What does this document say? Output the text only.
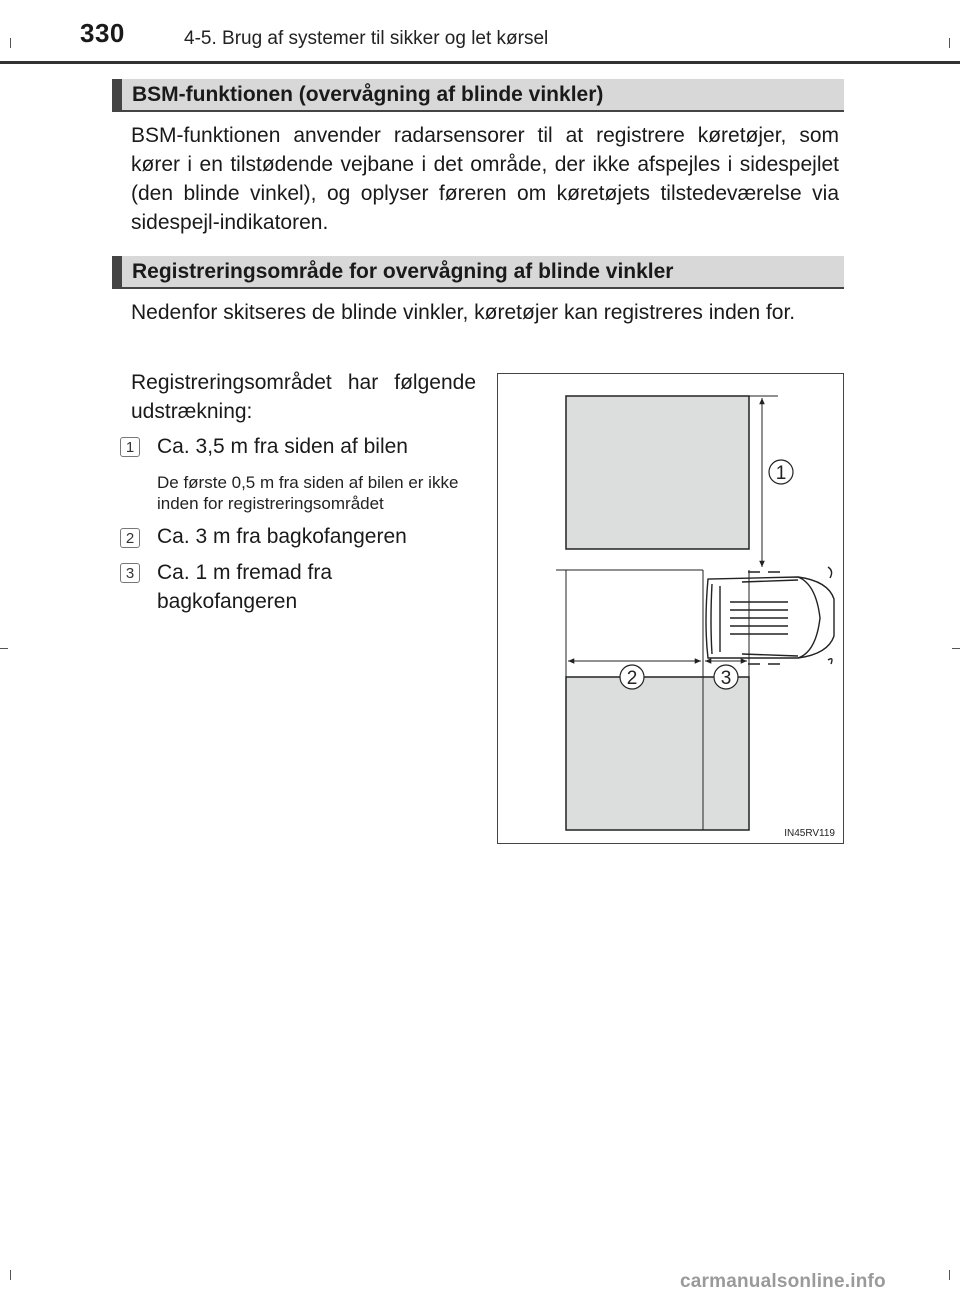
330	4-5. Brug af systemer til sikker og let kørsel
BSM-funktionen (overvågning af blinde vinkler)
BSM-funktionen anvender radarsensorer til at registrere køretøjer, som kører i en tilstødende vejbane i det område, der ikke afspejles i sidespejlet (den blinde vinkel), og oplyser føreren om køretøjets tilstedeværelse via sidespejl-indikatoren.
Registreringsområde for overvågning af blinde vinkler
Nedenfor skitseres de blinde vinkler, køretøjer kan registreres inden for.
Registreringsområdet har følgende udstrækning:
1 Ca. 3,5 m fra siden af bilen
De første 0,5 m fra siden af bilen er ikke inden for registreringsområdet
2 Ca. 3 m fra bagkofangeren
3 Ca. 1 m fremad fra bagkofangeren
1
2	3
IN45RV119
carmanualsonline.info
